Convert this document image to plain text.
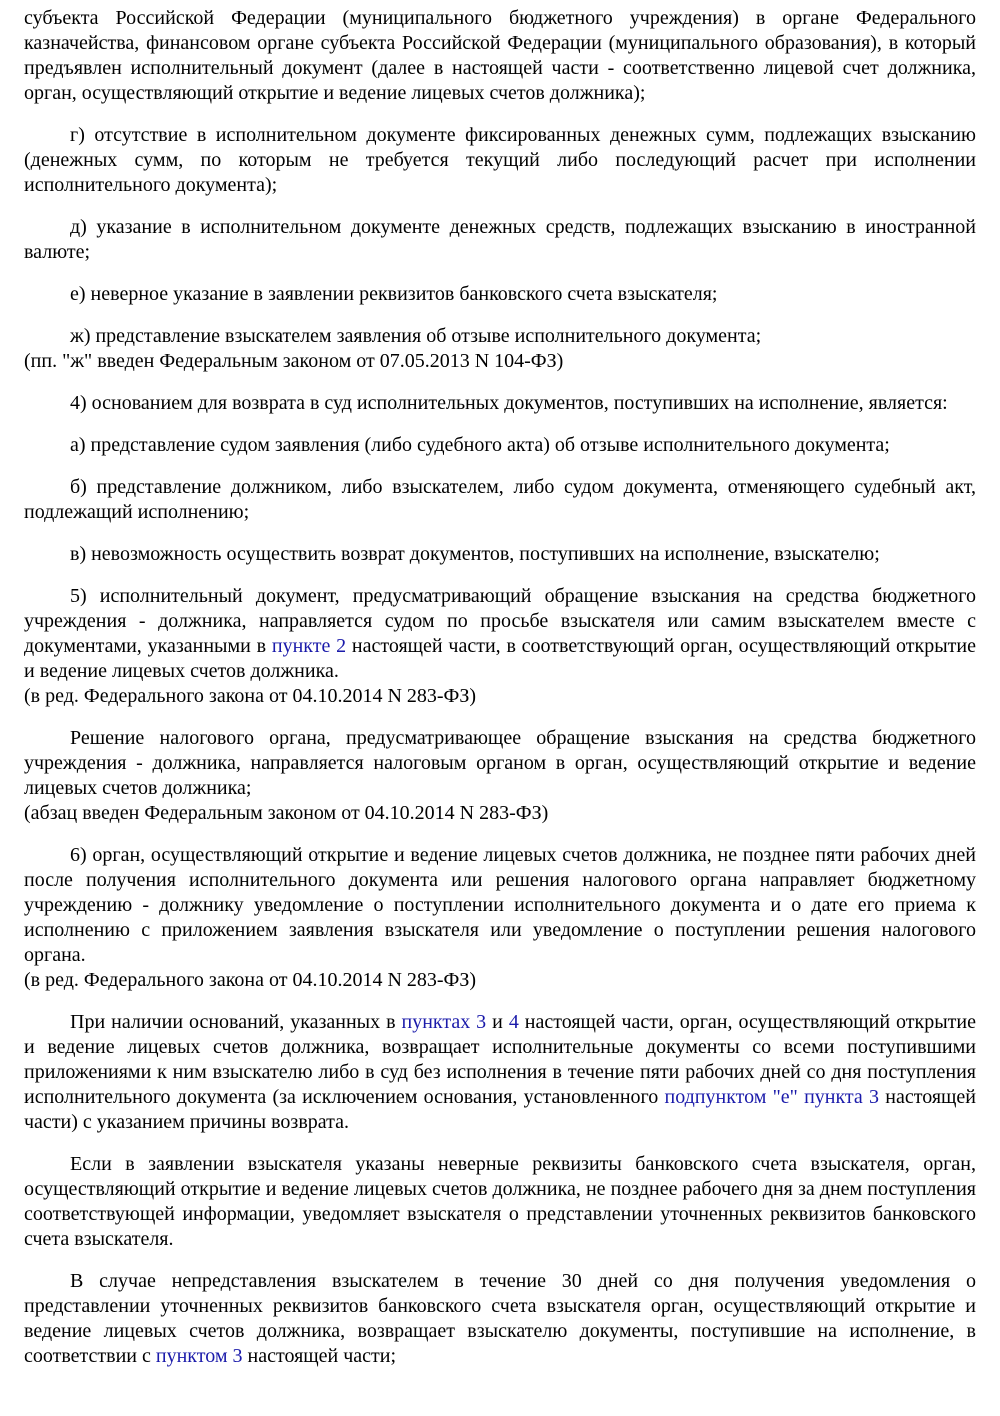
субъекта Российской Федерации (муниципального бюджетного учреждения) в органе Федерального казначейства, финансовом органе субъекта Российской Федерации (муниципального образования), в который предъявлен исполнительный документ (далее в настоящей части - соответственно лицевой счет должника, орган, осуществляющий открытие и ведение лицевых счетов должника);

г) отсутствие в исполнительном документе фиксированных денежных сумм, подлежащих взысканию (денежных сумм, по которым не требуется текущий либо последующий расчет при исполнении исполнительного документа);

д) указание в исполнительном документе денежных средств, подлежащих взысканию в иностранной валюте;

е) неверное указание в заявлении реквизитов банковского счета взыскателя;

ж) представление взыскателем заявления об отзыве исполнительного документа;

(пп. "ж" введен Федеральным законом от 07.05.2013 N 104-ФЗ)

4) основанием для возврата в суд исполнительных документов, поступивших на исполнение, является:

а) представление судом заявления (либо судебного акта) об отзыве исполнительного документа;

б) представление должником, либо взыскателем, либо судом документа, отменяющего судебный акт, подлежащий исполнению;

в) невозможность осуществить возврат документов, поступивших на исполнение, взыскателю;

5) исполнительный документ, предусматривающий обращение взыскания на средства бюджетного учреждения - должника, направляется судом по просьбе взыскателя или самим взыскателем вместе с документами, указанными в пункте 2 настоящей части, в соответствующий орган, осуществляющий открытие и ведение лицевых счетов должника.

(в ред. Федерального закона от 04.10.2014 N 283-ФЗ)

Решение налогового органа, предусматривающее обращение взыскания на средства бюджетного учреждения - должника, направляется налоговым органом в орган, осуществляющий открытие и ведение лицевых счетов должника;

(абзац введен Федеральным законом от 04.10.2014 N 283-ФЗ)

6) орган, осуществляющий открытие и ведение лицевых счетов должника, не позднее пяти рабочих дней после получения исполнительного документа или решения налогового органа направляет бюджетному учреждению - должнику уведомление о поступлении исполнительного документа и о дате его приема к исполнению с приложением заявления взыскателя или уведомление о поступлении решения налогового органа.

(в ред. Федерального закона от 04.10.2014 N 283-ФЗ)

При наличии оснований, указанных в пунктах 3 и 4 настоящей части, орган, осуществляющий открытие и ведение лицевых счетов должника, возвращает исполнительные документы со всеми поступившими приложениями к ним взыскателю либо в суд без исполнения в течение пяти рабочих дней со дня поступления исполнительного документа (за исключением основания, установленного подпунктом "е" пункта 3 настоящей части) с указанием причины возврата.

Если в заявлении взыскателя указаны неверные реквизиты банковского счета взыскателя, орган, осуществляющий открытие и ведение лицевых счетов должника, не позднее рабочего дня за днем поступления соответствующей информации, уведомляет взыскателя о представлении уточненных реквизитов банковского счета взыскателя.

В случае непредставления взыскателем в течение 30 дней со дня получения уведомления о представлении уточненных реквизитов банковского счета взыскателя орган, осуществляющий открытие и ведение лицевых счетов должника, возвращает взыскателю документы, поступившие на исполнение, в соответствии с пунктом 3 настоящей части;
